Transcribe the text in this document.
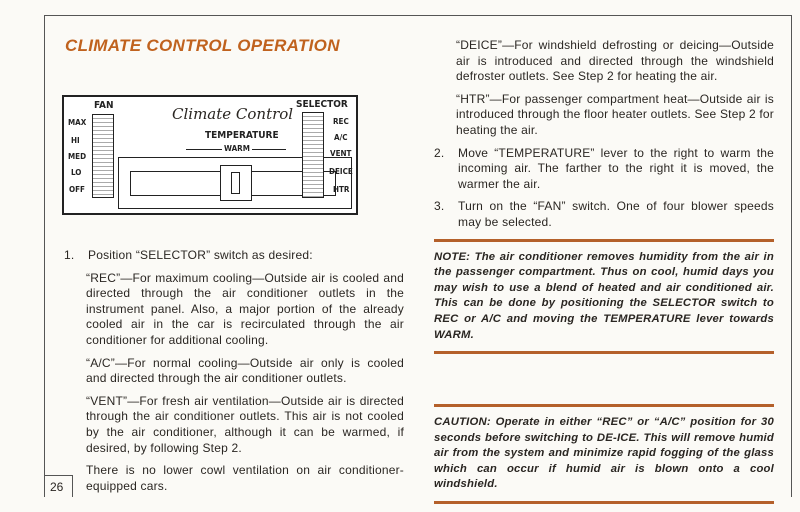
26
CLIMATE CONTROL OPERATION
FAN
MAX
HI
MED
LO
OFF
Climate Control
TEMPERATURE
WARM
SELECTOR
REC
A/C
VENT
DEICE
HTR

1.	Position “SELECTOR” switch as desired:

“REC”—For maximum cooling—Outside air is cooled and directed through the air conditioner outlets in the instrument panel. Also, a major portion of the already cooled air in the car is recirculated through the air conditioner for additional cooling.

“A/C”—For normal cooling—Outside air only is cooled and directed through the air conditioner outlets.

“VENT”—For fresh air ventilation—Outside air is directed through the air conditioner outlets. This air is not cooled by the air conditioner, although it can be warmed, if desired, by following Step 2.

There is no lower cowl ventilation on air conditioner-equipped cars.

“DEICE”—For windshield defrosting or deicing—Outside air is introduced and directed through the windshield defroster outlets. See Step 2 for heating the air.

“HTR”—For passenger compartment heat—Outside air is introduced through the floor heater outlets. See Step 2 for heating the air.

2.	Move “TEMPERATURE” lever to the right to warm the incoming air. The farther to the right it is moved, the warmer the air.

3.	Turn on the “FAN” switch. One of four blower speeds may be selected.

NOTE: The air conditioner removes humidity from the air in the passenger compartment. Thus on cool, humid days you may wish to use a blend of heated and air conditioned air. This can be done by positioning the SELECTOR switch to REC or A/C and moving the TEMPERATURE lever towards WARM.
CAUTION: Operate in either “REC” or “A/C” position for 30 seconds before switching to DE-ICE. This will remove humid air from the system and minimize rapid fogging of the glass which can occur if humid air is blown onto a cool windshield.
